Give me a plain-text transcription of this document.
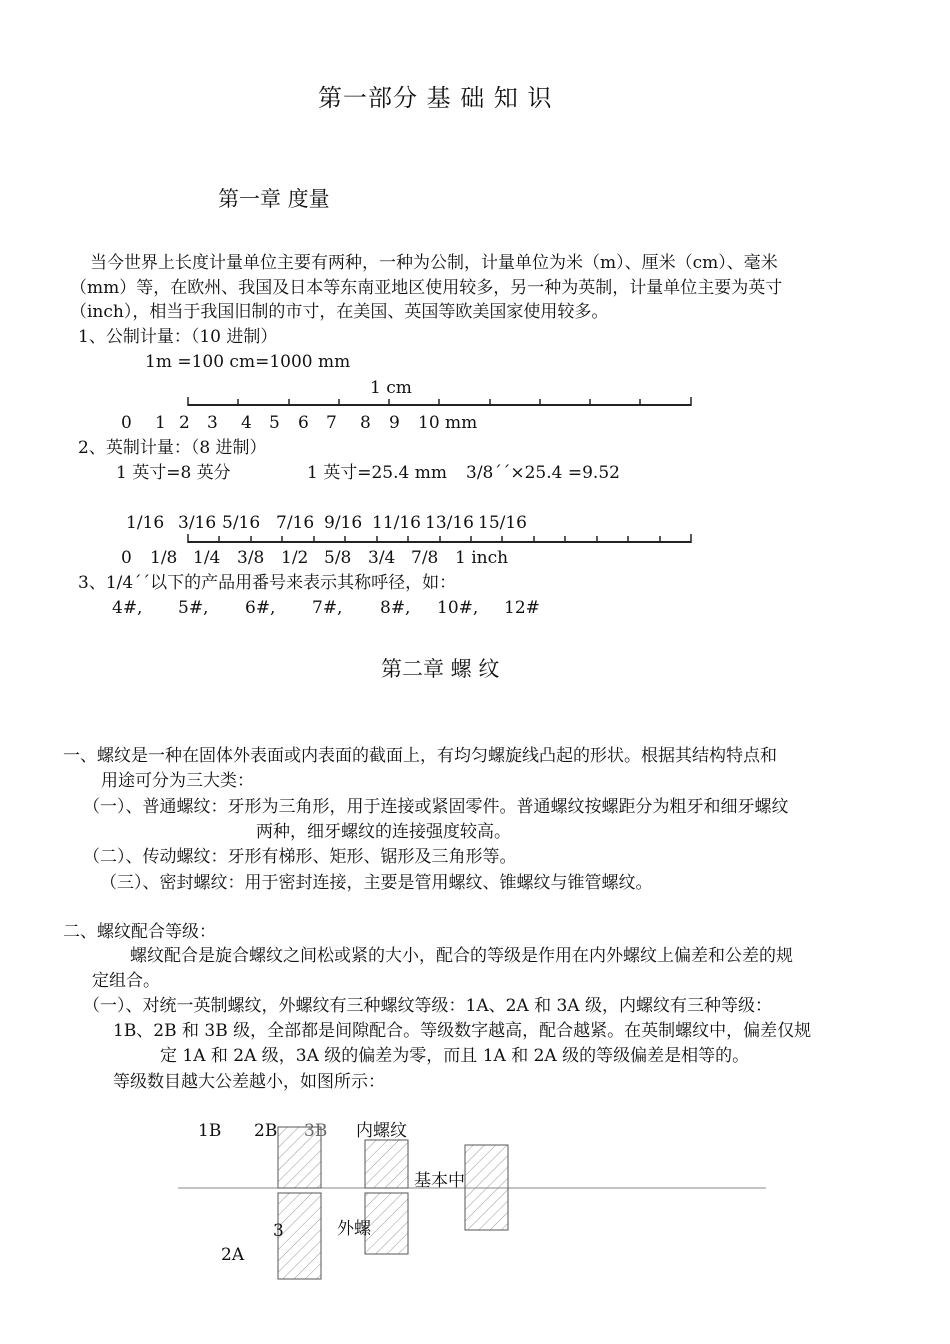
第一部分 基 础 知 识
第一章 度量
当今世界上长度计量单位主要有两种，一种为公制，计量单位为米（m）、厘米（cm）、毫米
（mm）等，在欧州、我国及日本等东南亚地区使用较多，另一种为英制，计量单位主要为英寸
（inch），相当于我国旧制的市寸，在美国、英国等欧美国家使用较多。
1、公制计量：（10 进制）
1m =100 cm=1000 mm
1 cm
0 1 2 3 4 5 6 7 8 9 10 mm
2、英制计量：（8 进制）
1 英寸=8 英分	1 英寸=25.4 mm 3/8´´×25.4 =9.52
1/16 3/16 5/16 7/16 9/16 11/16 13/16 15/16
0 1/8 1/4 3/8 1/2 5/8 3/4 7/8 1 inch
3、1/4´´以下的产品用番号来表示其称呼径，如：
4#, 5#, 6#, 7#, 8#, 10#, 12#
第二章 螺 纹
一、螺纹是一种在固体外表面或内表面的截面上，有均匀螺旋线凸起的形状。根据其结构特点和
用途可分为三大类：
（一）、普通螺纹：牙形为三角形，用于连接或紧固零件。普通螺纹按螺距分为粗牙和细牙螺纹
两种，细牙螺纹的连接强度较高。
（二）、传动螺纹：牙形有梯形、矩形、锯形及三角形等。
（三）、密封螺纹：用于密封连接，主要是管用螺纹、锥螺纹与锥管螺纹。
二、螺纹配合等级：
螺纹配合是旋合螺纹之间松或紧的大小，配合的等级是作用在内外螺纹上偏差和公差的规
定组合。
（一）、对统一英制螺纹，外螺纹有三种螺纹等级：1A、2A 和 3A 级，内螺纹有三种等级：
1B、2B 和 3B 级，全部都是间隙配合。等级数字越高，配合越紧。在英制螺纹中，偏差仅规
定 1A 和 2A 级，3A 级的偏差为零，而且 1A 和 2A 级的等级偏差是相等的。
等级数目越大公差越小，如图所示：
1B 2B 3B 内螺纹
基本中
3	外螺
2A
